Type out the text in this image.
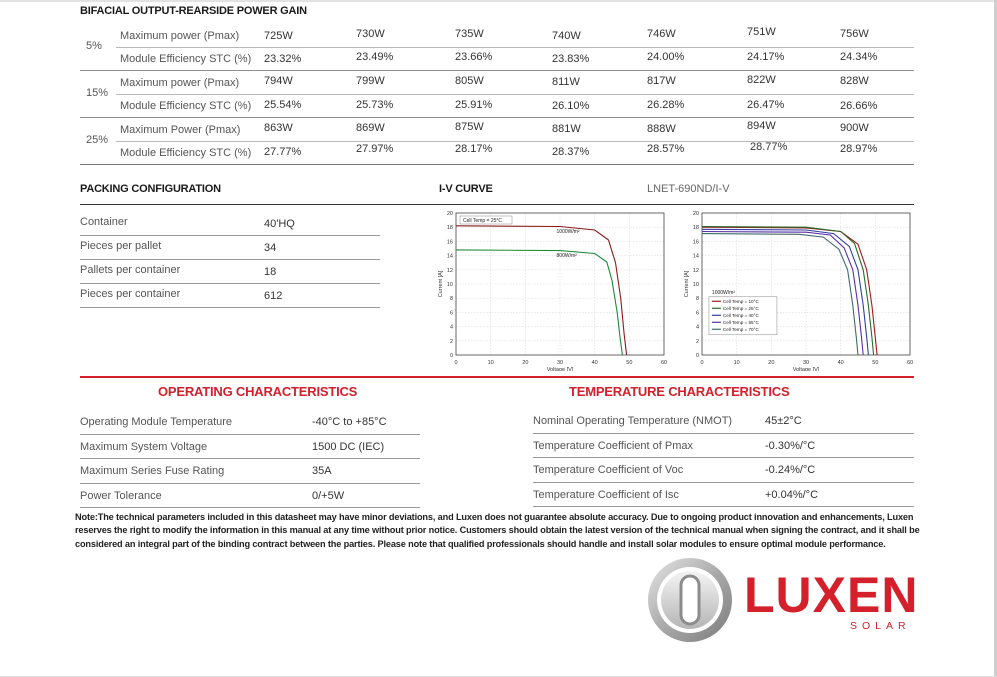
BIFACIAL OUTPUT-REARSIDE POWER GAIN
5%
Maximum power (Pmax) 725W	730W	735W	740W	746W	751W	756W
Module Efficiency STC (%) 23.32%	23.49%	23.66%	23.83%	24.00%	24.17%	24.34%
15%
Maximum power (Pmax) 794W	799W	805W	811W	817W	822W	828W
Module Efficiency STC (%) 25.54%	25.73%	25.91%	26.10%	26.28%	26.47%	26.66%
25%
Maximum Power (Pmax) 863W	869W	875W	881W	888W	894W	900W
Module Efficiency STC (%) 27.77%	27.97%	28.17%	28.37%	28.57%	28.77%	28.97%
PACKING CONFIGURATION
Container	40'HQ
Pieces per pallet	34
Pallets per container	18
Pieces per container	612
I-V CURVE	LNET-690ND/I-V
0	10	20	30	40	50	60
0
2
4
6
8
10
12
14
16
18
20
Voltage [V]
Current [A]
Cell Temp = 25°C
1000W/m²
800W/m²
0	10	20	30	40	50	60
0
2
4
6
8
10
12
14
16
18
20
Voltage [V]
Current [A]	1000W/m²
Cell Temp = 10°C
Cell Temp = 25°C
Cell Temp = 40°C
Cell Temp = 55°C
Cell Temp = 70°C
OPERATING CHARACTERISTICS
Operating Module Temperature	-40°C to +85°C
Maximum System Voltage	1500 DC (IEC)
Maximum Series Fuse Rating	35A
Power Tolerance	0/+5W
TEMPERATURE CHARACTERISTICS
Nominal Operating Temperature (NMOT)	45±2°C
Temperature Coefficient of Pmax	-0.30%/°C
Temperature Coefficient of Voc	-0.24%/°C
Temperature Coefficient of Isc	+0.04%/°C
Note:The technical parameters included in this datasheet may have minor deviations, and Luxen does not guarantee absolute accuracy. Due to ongoing product innovation and enhancements, Luxen reserves the right to modify the information in this manual at any time without prior notice. Customers should obtain the latest version of the technical manual when signing the contract, and it shall be considered an integral part of the binding contract between the parties. Please note that qualified professionals should handle and install solar modules to ensure optimal module performance.
LUXEN
SOLAR
